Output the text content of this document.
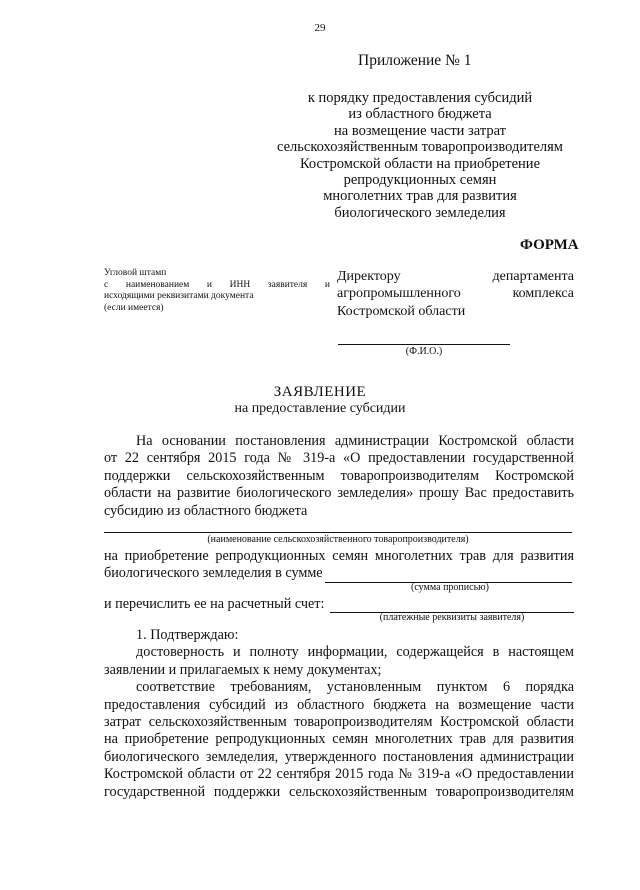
29
Приложение № 1
к порядку предоставления субсидий
из областного бюджета
на возмещение части затрат
сельскохозяйственным товаропроизводителям
Костромской области на приобретение
репродукционных семян
многолетних трав для развития
биологического земледелия
ФОРМА
Угловой штамп
с наименованием и ИНН заявителя и
исходящими реквизитами документа
(если имеется)
Директору департамента
агропромышленного комплекса
Костромской области
(Ф.И.О.)
ЗАЯВЛЕНИЕ
на предоставление субсидии
На основании постановления администрации Костромской области
от 22 сентября 2015 года № 319-а «О предоставлении государственной
поддержки сельскохозяйственным товаропроизводителям Костромской
области на развитие биологического земледелия» прошу Вас предоставить
субсидию из областного бюджета
(наименование сельскохозяйственного товаропроизводителя)
на приобретение репродукционных семян многолетних трав для развития
биологического земледелия в сумме
(сумма прописью)
и перечислить ее на расчетный счет:
(платежные реквизиты заявителя)
1. Подтверждаю:
достоверность и полноту информации, содержащейся в настоящем
заявлении и прилагаемых к нему документах;
соответствие требованиям, установленным пунктом 6 порядка
предоставления субсидий из областного бюджета на возмещение части
затрат сельскохозяйственным товаропроизводителям Костромской области
на приобретение репродукционных семян многолетних трав для развития
биологического земледелия, утвержденного постановления администрации
Костромской области от 22 сентября 2015 года № 319-а «О предоставлении
государственной поддержки сельскохозяйственным товаропроизводителям
